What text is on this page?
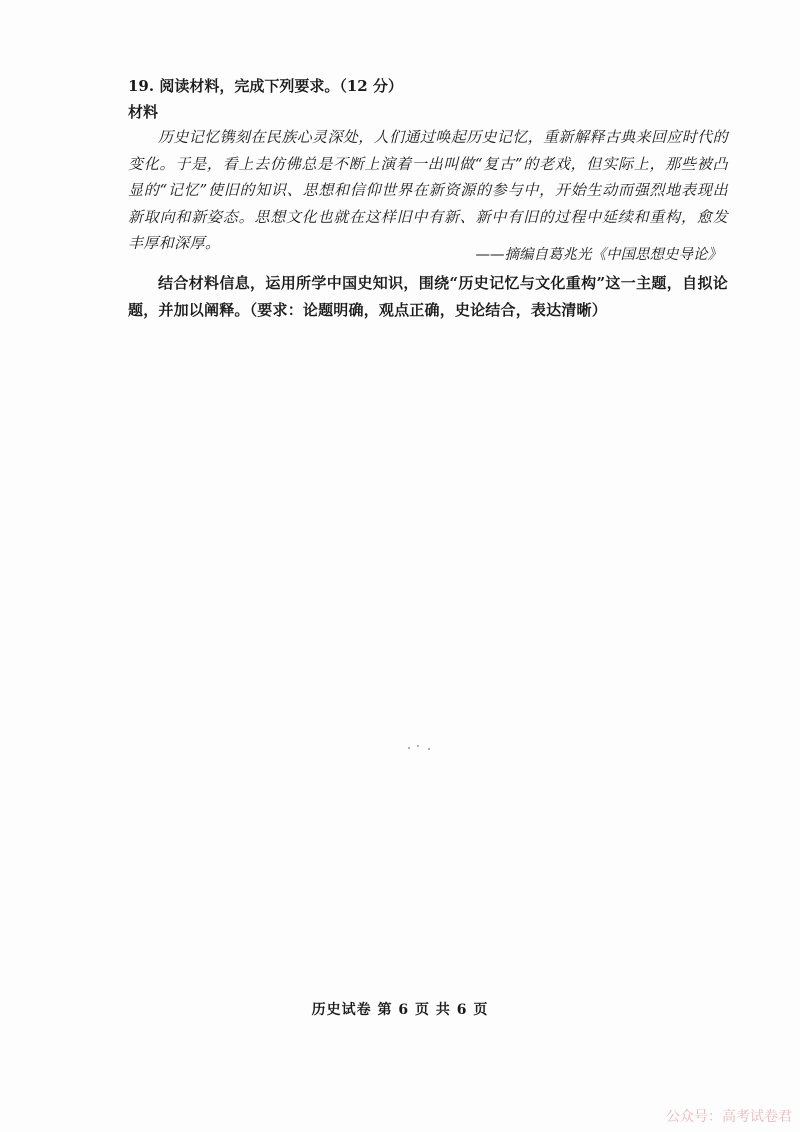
19. 阅读材料，完成下列要求。（12 分）
材料
历史记忆镌刻在民族心灵深处，人们通过唤起历史记忆，重新解释古典来回应时代的变化。于是，看上去仿佛总是不断上演着一出叫做“复古”的老戏，但实际上，那些被凸显的“记忆”使旧的知识、思想和信仰世界在新资源的参与中，开始生动而强烈地表现出新取向和新姿态。思想文化也就在这样旧中有新、新中有旧的过程中延续和重构，愈发丰厚和深厚。
——摘编自葛兆光《中国思想史导论》
结合材料信息，运用所学中国史知识，围绕“历史记忆与文化重构”这一主题，自拟论题，并加以阐释。（要求：论题明确，观点正确，史论结合，表达清晰）
历史试卷 第 6 页 共 6 页
公众号：高考试卷君
